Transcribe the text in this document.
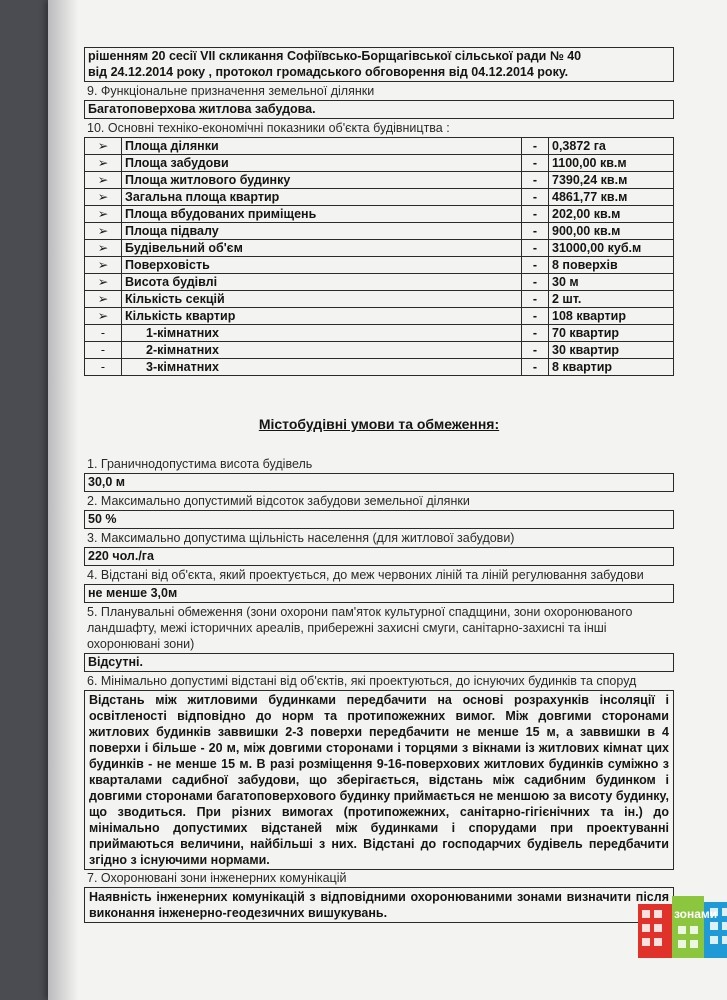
рішенням 20 сесії VII скликання Софіївсько-Борщагівської сільської ради № 40
від 24.12.2014 року , протокол громадського обговорення від 04.12.2014 року.
9. Функціональне призначення земельної ділянки
Багатоповерхова житлова забудова.
10. Основні техніко-економічні показники об'єкта будівництва :
➢	Площа ділянки	-	0,3872 га
➢	Площа забудови	-	1100,00 кв.м
➢	Площа житлового будинку	-	7390,24 кв.м
➢	Загальна площа квартир	-	4861,77 кв.м
➢	Площа вбудованих приміщень	-	202,00 кв.м
➢	Площа підвалу	-	900,00 кв.м
➢	Будівельний об'єм	-	31000,00 куб.м
➢	Поверховість	-	8 поверхів
➢	Висота будівлі	-	30 м
➢	Кількість секцій	-	2 шт.
➢	Кількість квартир	-	108 квартир
-	1-кімнатних	-	70 квартир
-	2-кімнатних	-	30 квартир
-	3-кімнатних	-	8 квартир
Містобудівні умови та обмеження:
1. Граничнодопустима висота будівель
30,0 м
2. Максимально допустимий відсоток забудови земельної ділянки
50 %
3. Максимально допустима щільність населення (для житлової забудови)
220 чол./га
4. Відстані від об'єкта, який проектується, до меж червоних ліній та ліній регулювання забудови
не менше 3,0м
5. Планувальні обмеження (зони охорони пам'яток культурної спадщини, зони охоронюваного ландшафту, межі історичних ареалів, прибережні захисні смуги, санітарно-захисні та інші охоронювані зони)
Відсутні.
6. Мінімально допустимі відстані від об'єктів, які проектуються, до існуючих будинків та споруд
Відстань між житловими будинками передбачити на основі розрахунків інсоляції і освітленості відповідно до норм та протипожежних вимог. Між довгими сторонами житлових будинків заввишки 2-3 поверхи передбачити не менше 15 м, а заввишки в 4 поверхи і більше - 20 м, між довгими сторонами і торцями з вікнами із житлових кімнат цих будинків - не менше 15 м. В разі розміщення 9-16-поверхових житлових будинків суміжно з кварталами садибної забудови, що зберігається, відстань між садибним будинком і довгими сторонами багатоповерхового будинку приймається не меншою за висоту будинку, що зводиться. При різних вимогах (протипожежних, санітарно-гігієнічних та ін.) до мінімально допустимих відстаней між будинками і спорудами при проектуванні приймаються величини, найбільші з них. Відстані до господарчих будівель передбачити згідно з існуючими нормами.
7. Охоронювані зони інженерних комунікацій
Наявність інженерних комунікацій з відповідними охоронюваними зонами визначити після виконання інженерно-геодезичних вишукувань.	зонами
